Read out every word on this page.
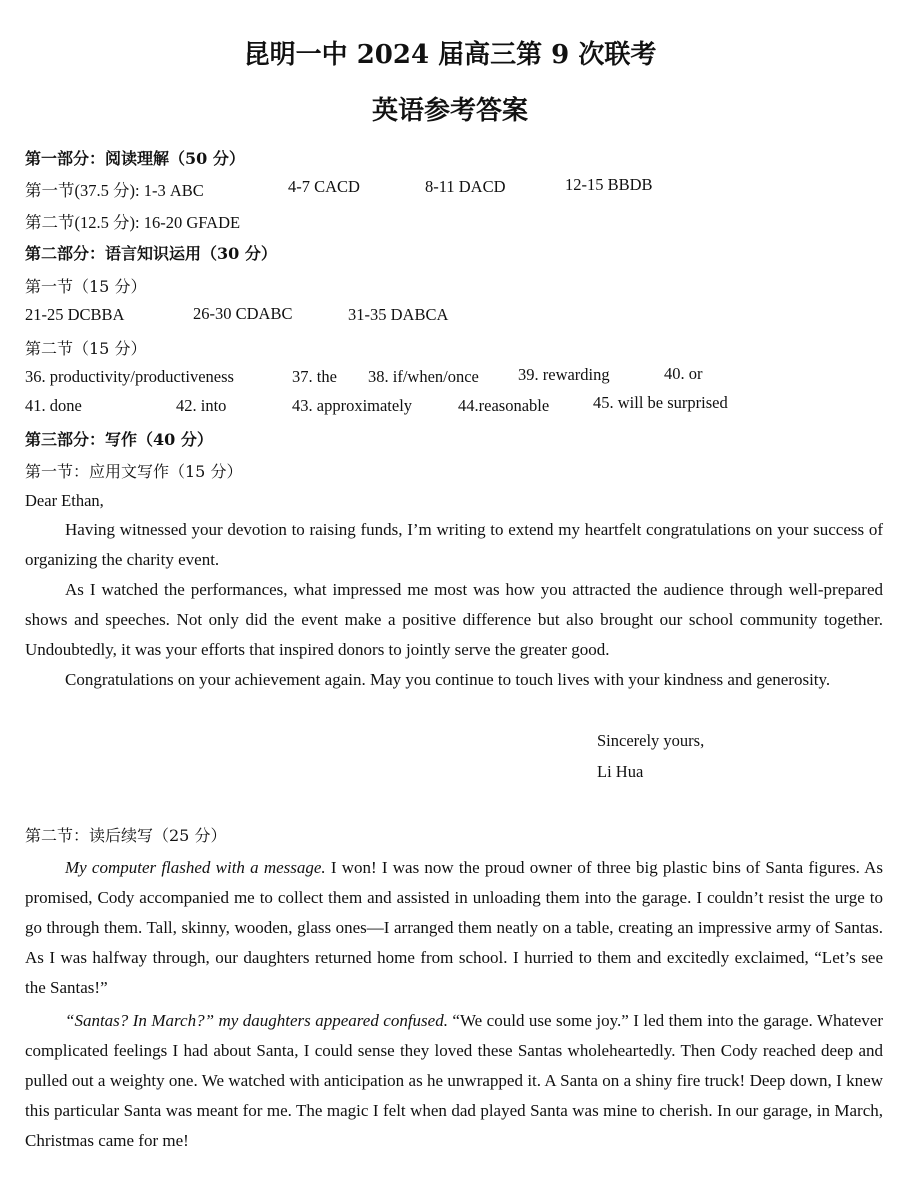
昆明一中 2024 届高三第 9 次联考
英语参考答案
第一部分：阅读理解（50 分）
第一节(37.5 分): 1-3 ABC	4-7 CACD	8-11 DACD	12-15 BBDB
第二节(12.5 分): 16-20 GFADE
第二部分：语言知识运用（30 分）
第一节（15 分）
21-25 DCBBA	26-30 CDABC	31-35 DABCA
第二节（15 分）
36. productivity/productiveness	37. the 38. if/when/once 39. rewarding	40. or
41. done	42. into	43. approximately	44.reasonable	45. will be surprised
第三部分：写作（40 分）
第一节：应用文写作（15 分）
Dear Ethan,
Having witnessed your devotion to raising funds, I’m writing to extend my heartfelt congratulations on your success of organizing the charity event.
As I watched the performances, what impressed me most was how you attracted the audience through well-prepared shows and speeches. Not only did the event make a positive difference but also brought our school community together. Undoubtedly, it was your efforts that inspired donors to jointly serve the greater good.
Congratulations on your achievement again. May you continue to touch lives with your kindness and generosity.
Sincerely yours,
Li Hua
第二节：读后续写（25 分）
My computer flashed with a message. I won! I was now the proud owner of three big plastic bins of Santa figures. As promised, Cody accompanied me to collect them and assisted in unloading them into the garage. I couldn’t resist the urge to go through them. Tall, skinny, wooden, glass ones—I arranged them neatly on a table, creating an impressive army of Santas. As I was halfway through, our daughters returned home from school. I hurried to them and excitedly exclaimed, “Let’s see the Santas!”
“Santas? In March?” my daughters appeared confused. “We could use some joy.” I led them into the garage. Whatever complicated feelings I had about Santa, I could sense they loved these Santas wholeheartedly. Then Cody reached deep and pulled out a weighty one. We watched with anticipation as he unwrapped it. A Santa on a shiny fire truck! Deep down, I knew this particular Santa was meant for me. The magic I felt when dad played Santa was mine to cherish. In our garage, in March, Christmas came for me!
